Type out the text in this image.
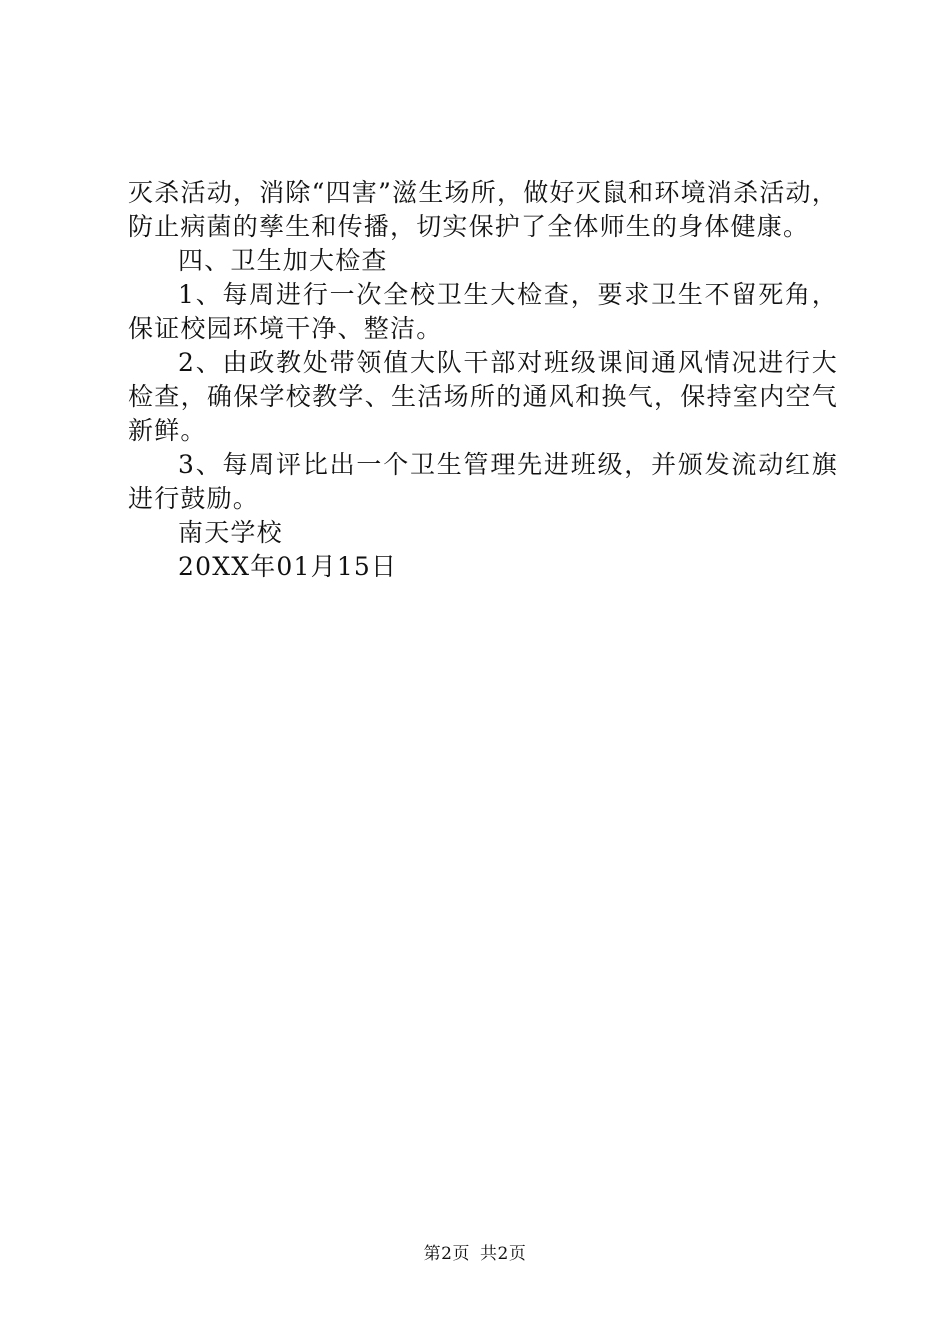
灭杀活动，消除“四害”滋生场所，做好灭鼠和环境消杀活动，防止病菌的孳生和传播，切实保护了全体师生的身体健康。

四、卫生加大检查

1、每周进行一次全校卫生大检查，要求卫生不留死角，保证校园环境干净、整洁。

2、由政教处带领值大队干部对班级课间通风情况进行大检查，确保学校教学、生活场所的通风和换气，保持室内空气新鲜。

3、每周评比出一个卫生管理先进班级，并颁发流动红旗进行鼓励。

南天学校

20XX年01月15日

第2页 共2页
